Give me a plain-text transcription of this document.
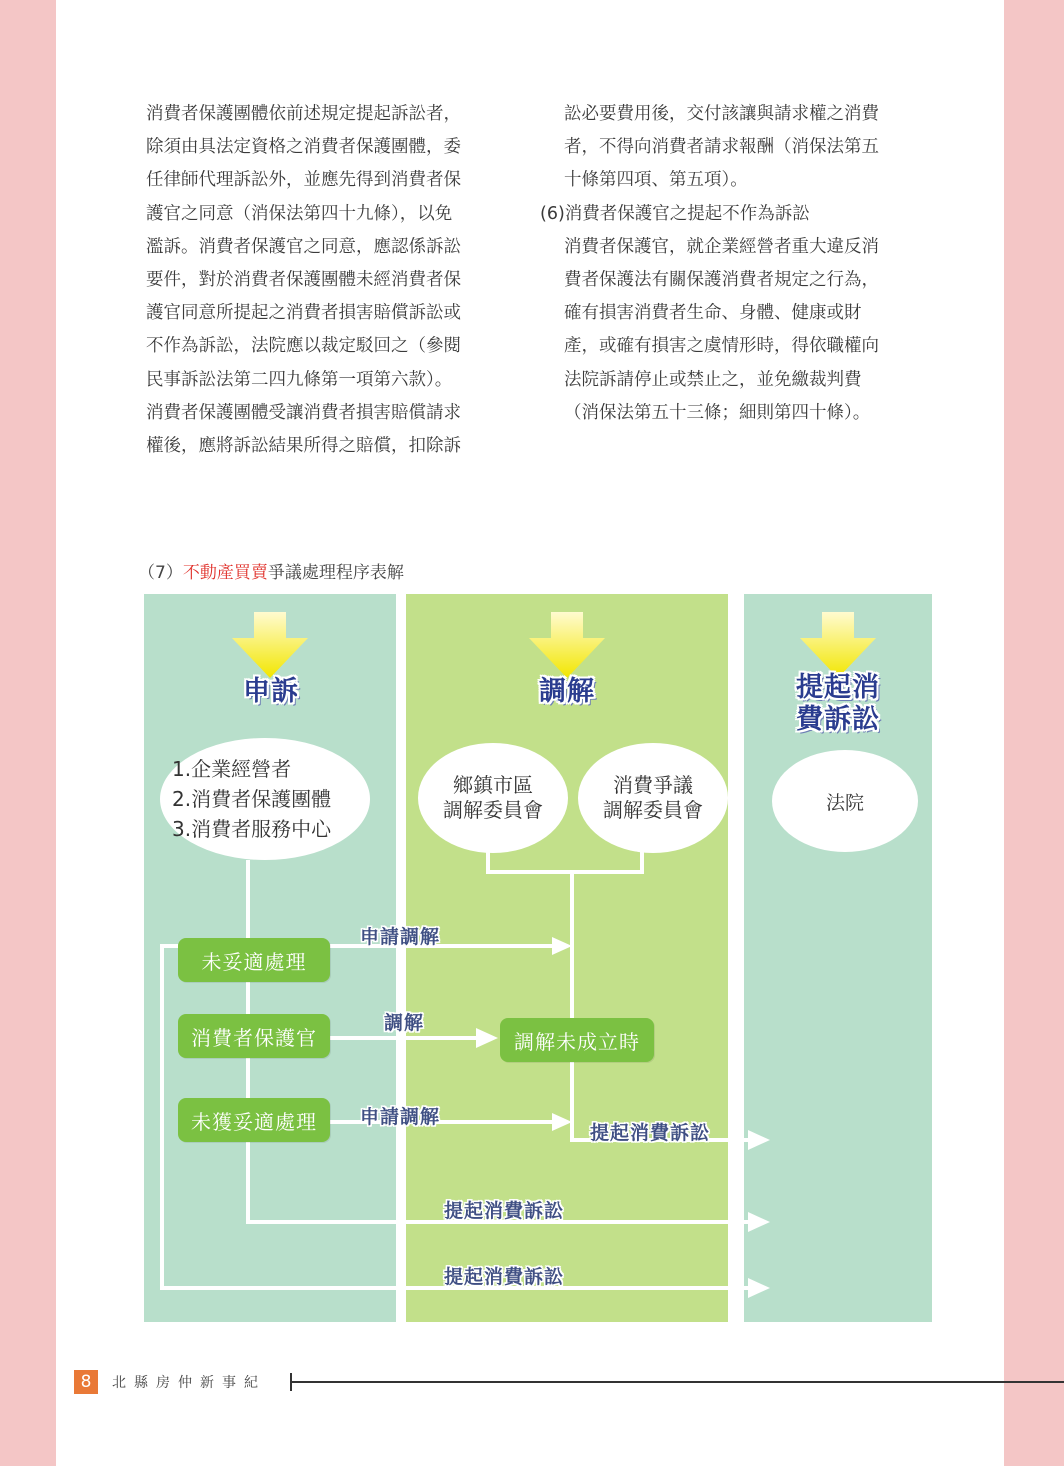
消費者保護團體依前述規定提起訴訟者，

除須由具法定資格之消費者保護團體，委

任律師代理訴訟外，並應先得到消費者保

護官之同意（消保法第四十九條），以免

濫訴。消費者保護官之同意，應認係訴訟

要件，對於消費者保護團體未經消費者保

護官同意所提起之消費者損害賠償訴訟或

不作為訴訟，法院應以裁定駁回之（參閱

民事訴訟法第二四九條第一項第六款）。

消費者保護團體受讓消費者損害賠償請求

權後，應將訴訟結果所得之賠償，扣除訴

訟必要費用後，交付該讓與請求權之消費

者，不得向消費者請求報酬（消保法第五

十條第四項、第五項）。

(6)消費者保護官之提起不作為訴訟

消費者保護官，就企業經營者重大違反消

費者保護法有關保護消費者規定之行為，

確有損害消費者生命、身體、健康或財

產，或確有損害之虞情形時，得依職權向

法院訴請停止或禁止之，並免繳裁判費

（消保法第五十三條；細則第四十條）。

（7）不動產買賣爭議處理程序表解
申訴	調解	提起消
費訴訟
1.企業經營者
2.消費者保護團體
3.消費者服務中心
鄉鎮市區
調解委員會
消費爭議
調解委員會	法院
未妥適處理
消費者保護官
未獲妥適處理
調解未成立時
申請調解
調解
申請調解
提起消費訴訟
提起消費訴訟
提起消費訴訟
8	北縣房仲新事紀
